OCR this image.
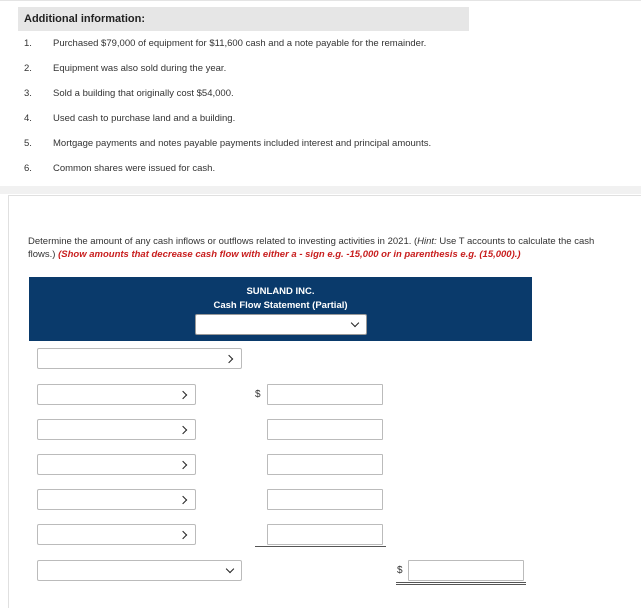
Additional information:
1. Purchased $79,000 of equipment for $11,600 cash and a note payable for the remainder.
2. Equipment was also sold during the year.
3. Sold a building that originally cost $54,000.
4. Used cash to purchase land and a building.
5. Mortgage payments and notes payable payments included interest and principal amounts.
6. Common shares were issued for cash.
Determine the amount of any cash inflows or outflows related to investing activities in 2021. (Hint: Use T accounts to calculate the cash flows.) (Show amounts that decrease cash flow with either a - sign e.g. -15,000 or in parenthesis e.g. (15,000).)
SUNLAND INC.
Cash Flow Statement (Partial)
$
$
